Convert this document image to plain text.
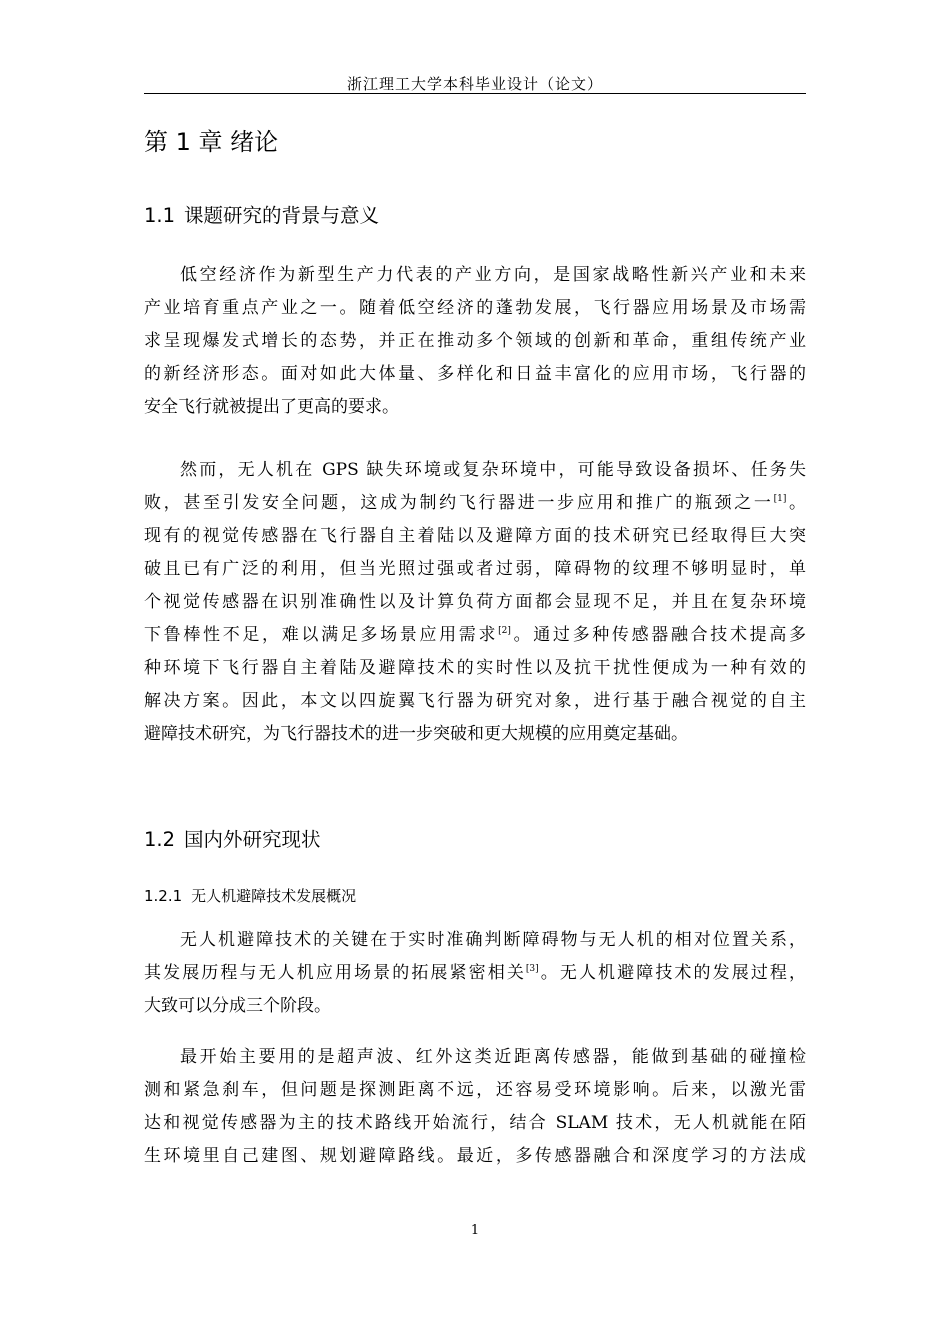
浙江理工大学本科毕业设计（论文）
第 1 章 绪论
1.1 课题研究的背景与意义
低空经济作为新型生产力代表的产业方向，是国家战略性新兴产业和未来
产业培育重点产业之一。随着低空经济的蓬勃发展，飞行器应用场景及市场需
求呈现爆发式增长的态势，并正在推动多个领域的创新和革命，重组传统产业
的新经济形态。面对如此大体量、多样化和日益丰富化的应用市场，飞行器的
安全飞行就被提出了更高的要求。
然而，无人机在 GPS 缺失环境或复杂环境中，可能导致设备损坏、任务失
败，甚至引发安全问题，这成为制约飞行器进一步应用和推广的瓶颈之一[1]。
现有的视觉传感器在飞行器自主着陆以及避障方面的技术研究已经取得巨大突
破且已有广泛的利用，但当光照过强或者过弱，障碍物的纹理不够明显时，单
个视觉传感器在识别准确性以及计算负荷方面都会显现不足，并且在复杂环境
下鲁棒性不足，难以满足多场景应用需求[2]。通过多种传感器融合技术提高多
种环境下飞行器自主着陆及避障技术的实时性以及抗干扰性便成为一种有效的
解决方案。因此，本文以四旋翼飞行器为研究对象，进行基于融合视觉的自主
避障技术研究，为飞行器技术的进一步突破和更大规模的应用奠定基础。
1.2 国内外研究现状
1.2.1 无人机避障技术发展概况
无人机避障技术的关键在于实时准确判断障碍物与无人机的相对位置关系，
其发展历程与无人机应用场景的拓展紧密相关[3]。无人机避障技术的发展过程，
大致可以分成三个阶段。
最开始主要用的是超声波、红外这类近距离传感器，能做到基础的碰撞检
测和紧急刹车，但问题是探测距离不远，还容易受环境影响。后来，以激光雷
达和视觉传感器为主的技术路线开始流行，结合 SLAM 技术，无人机就能在陌
生环境里自己建图、规划避障路线。最近，多传感器融合和深度学习的方法成
1
